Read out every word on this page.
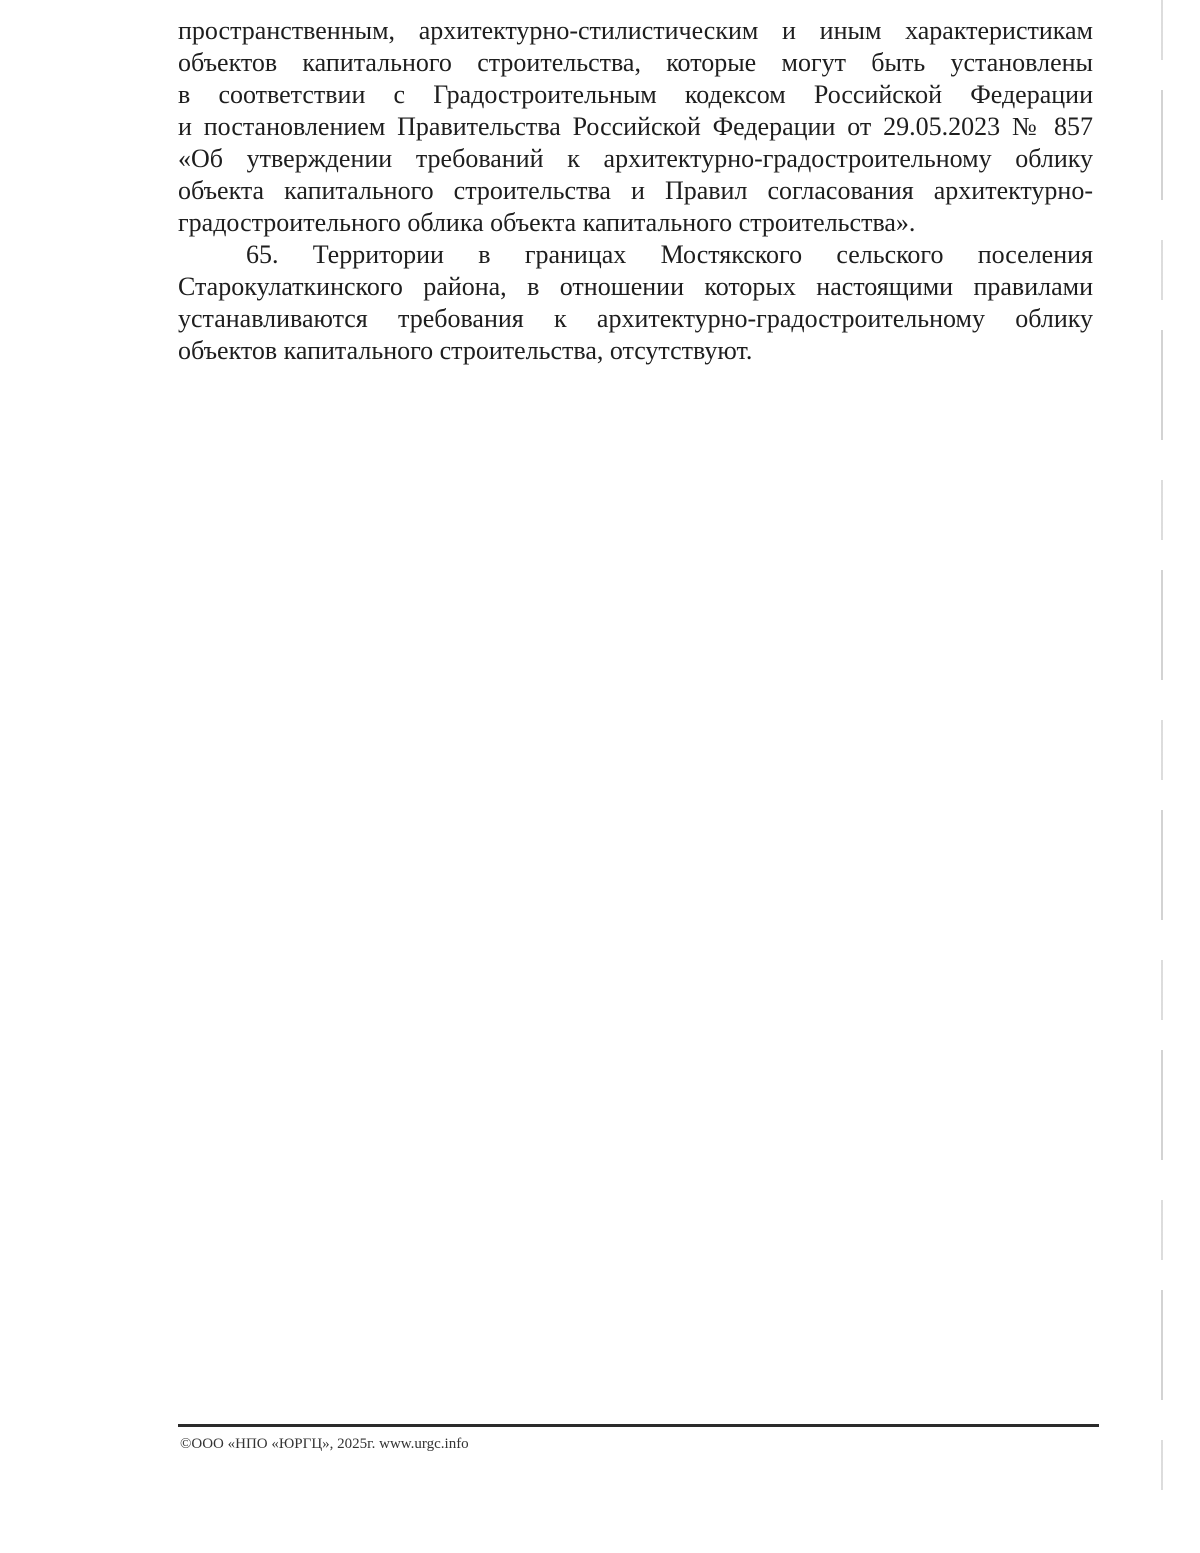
пространственным, архитектурно-стилистическим и иным характеристикам
объектов капитального строительства, которые могут быть установлены
в соответствии с Градостроительным кодексом Российской Федерации
и постановлением Правительства Российской Федерации от 29.05.2023 № 857
«Об утверждении требований к архитектурно-градостроительному облику
объекта капитального строительства и Правил согласования архитектурно-
градостроительного облика объекта капитального строительства».
65. Территории в границах Мостякского сельского поселения
Старокулаткинского района, в отношении которых настоящими правилами
устанавливаются требования к архитектурно-градостроительному облику
объектов капитального строительства, отсутствуют.
©ООО «НПО «ЮРГЦ», 2025г. www.urgc.info
